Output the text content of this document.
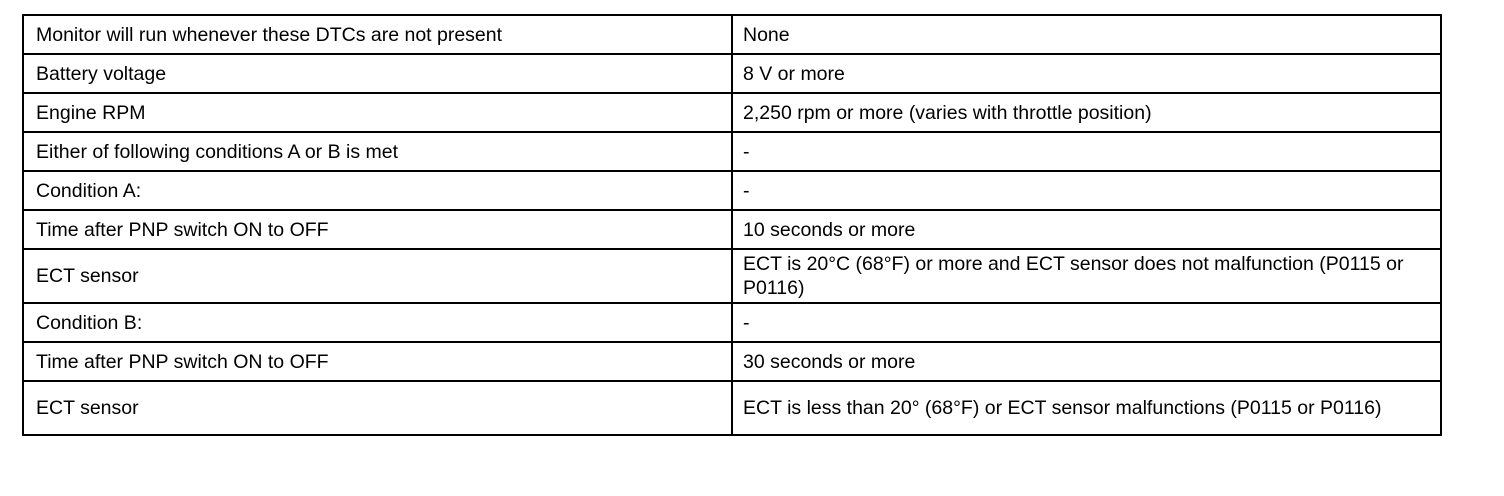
Monitor will run whenever these DTCs are not present	None
Battery voltage	8 V or more
Engine RPM	2,250 rpm or more (varies with throttle position)
Either of following conditions A or B is met	-
Condition A:	-
Time after PNP switch ON to OFF	10 seconds or more
ECT sensor	ECT is 20°C (68°F) or more and ECT sensor does not malfunction (P0115 or P0116)
Condition B:	-
Time after PNP switch ON to OFF	30 seconds or more
ECT sensor	ECT is less than 20° (68°F) or ECT sensor malfunctions (P0115 or P0116)
